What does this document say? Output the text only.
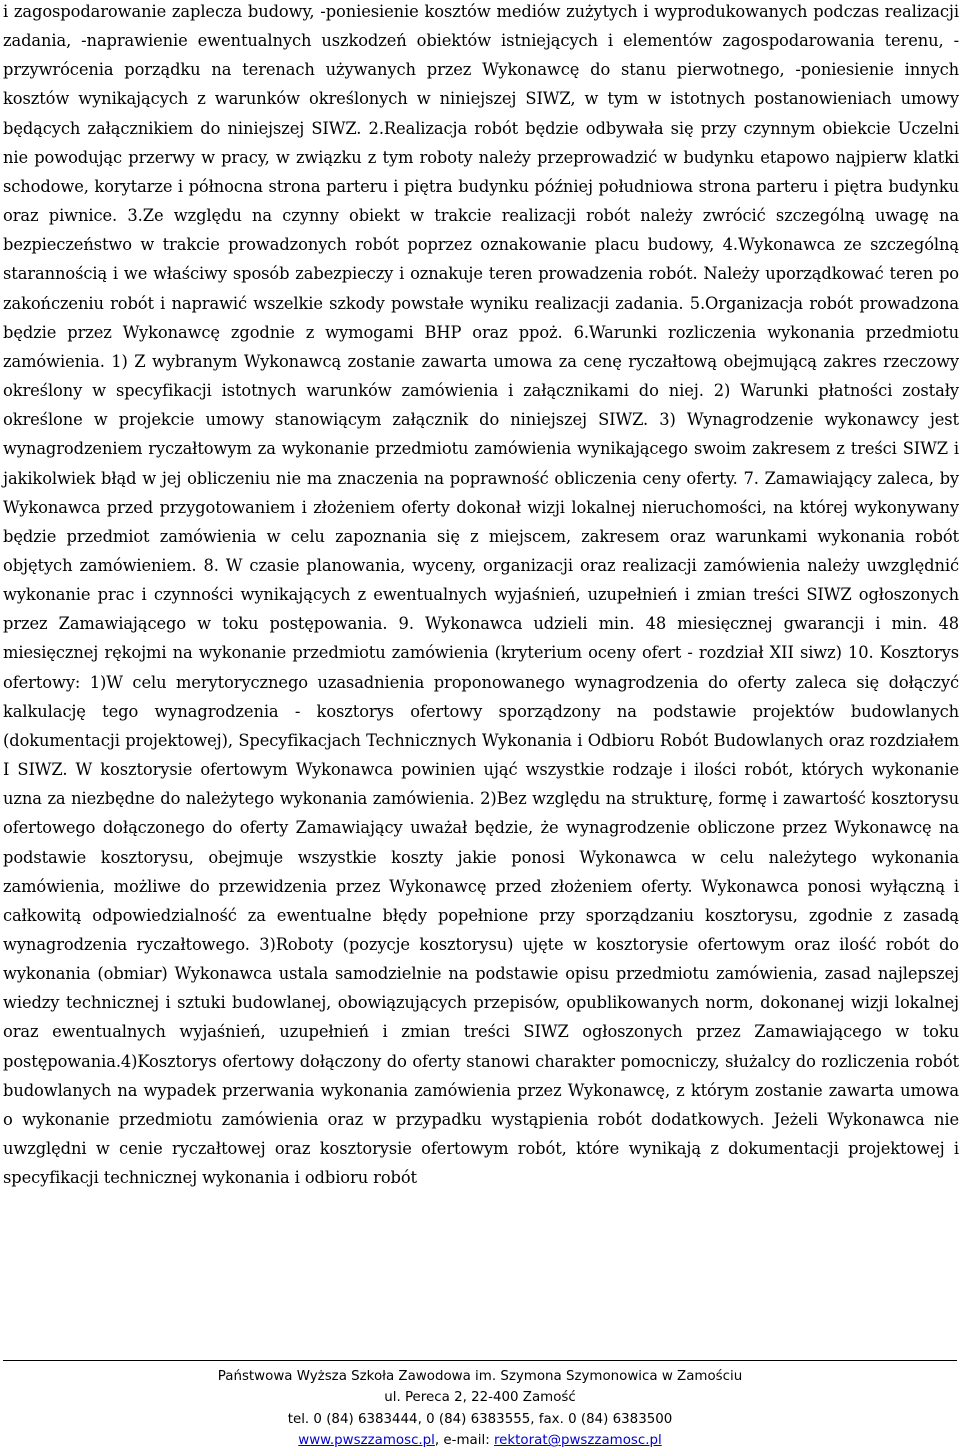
i zagospodarowanie zaplecza budowy, -poniesienie kosztów mediów zużytych i wyprodukowanych podczas realizacji zadania, -naprawienie ewentualnych uszkodzeń obiektów istniejących i elementów zagospodarowania terenu, -przywrócenia porządku na terenach używanych przez Wykonawcę do stanu pierwotnego, -poniesienie innych kosztów wynikających z warunków określonych w niniejszej SIWZ, w tym w istotnych postanowieniach umowy będących załącznikiem do niniejszej SIWZ. 2.Realizacja robót będzie odbywała się przy czynnym obiekcie Uczelni nie powodując przerwy w pracy, w związku z tym roboty należy przeprowadzić w budynku etapowo najpierw klatki schodowe, korytarze i północna strona parteru i piętra budynku później południowa strona parteru i piętra budynku oraz piwnice. 3.Ze względu na czynny obiekt w trakcie realizacji robót należy zwrócić szczególną uwagę na bezpieczeństwo w trakcie prowadzonych robót poprzez oznakowanie placu budowy, 4.Wykonawca ze szczególną starannością i we właściwy sposób zabezpieczy i oznakuje teren prowadzenia robót. Należy uporządkować teren po zakończeniu robót i naprawić wszelkie szkody powstałe wyniku realizacji zadania. 5.Organizacja robót prowadzona będzie przez Wykonawcę zgodnie z wymogami BHP oraz ppoż. 6.Warunki rozliczenia wykonania przedmiotu zamówienia. 1) Z wybranym Wykonawcą zostanie zawarta umowa za cenę ryczałtową obejmującą zakres rzeczowy określony w specyfikacji istotnych warunków zamówienia i załącznikami do niej. 2) Warunki płatności zostały określone w projekcie umowy stanowiącym załącznik do niniejszej SIWZ. 3) Wynagrodzenie wykonawcy jest wynagrodzeniem ryczałtowym za wykonanie przedmiotu zamówienia wynikającego swoim zakresem z treści SIWZ i jakikolwiek błąd w jej obliczeniu nie ma znaczenia na poprawność obliczenia ceny oferty. 7. Zamawiający zaleca, by Wykonawca przed przygotowaniem i złożeniem oferty dokonał wizji lokalnej nieruchomości, na której wykonywany będzie przedmiot zamówienia w celu zapoznania się z miejscem, zakresem oraz warunkami wykonania robót objętych zamówieniem. 8. W czasie planowania, wyceny, organizacji oraz realizacji zamówienia należy uwzględnić wykonanie prac i czynności wynikających z ewentualnych wyjaśnień, uzupełnień i zmian treści SIWZ ogłoszonych przez Zamawiającego w toku postępowania. 9. Wykonawca udzieli min. 48 miesięcznej gwarancji i min. 48 miesięcznej rękojmi na wykonanie przedmiotu zamówienia (kryterium oceny ofert - rozdział XII siwz) 10. Kosztorys ofertowy: 1)W celu merytorycznego uzasadnienia proponowanego wynagrodzenia do oferty zaleca się dołączyć kalkulację tego wynagrodzenia - kosztorys ofertowy sporządzony na podstawie projektów budowlanych (dokumentacji projektowej), Specyfikacjach Technicznych Wykonania i Odbioru Robót Budowlanych oraz rozdziałem I SIWZ. W kosztorysie ofertowym Wykonawca powinien ująć wszystkie rodzaje i ilości robót, których wykonanie uzna za niezbędne do należytego wykonania zamówienia. 2)Bez względu na strukturę, formę i zawartość kosztorysu ofertowego dołączonego do oferty Zamawiający uważał będzie, że wynagrodzenie obliczone przez Wykonawcę na podstawie kosztorysu, obejmuje wszystkie koszty jakie ponosi Wykonawca w celu należytego wykonania zamówienia, możliwe do przewidzenia przez Wykonawcę przed złożeniem oferty. Wykonawca ponosi wyłączną i całkowitą odpowiedzialność za ewentualne błędy popełnione przy sporządzaniu kosztorysu, zgodnie z zasadą wynagrodzenia ryczałtowego. 3)Roboty (pozycje kosztorysu) ujęte w kosztorysie ofertowym oraz ilość robót do wykonania (obmiar) Wykonawca ustala samodzielnie na podstawie opisu przedmiotu zamówienia, zasad najlepszej wiedzy technicznej i sztuki budowlanej, obowiązujących przepisów, opublikowanych norm, dokonanej wizji lokalnej oraz ewentualnych wyjaśnień, uzupełnień i zmian treści SIWZ ogłoszonych przez Zamawiającego w toku postępowania.4)Kosztorys ofertowy dołączony do oferty stanowi charakter pomocniczy, służalcy do rozliczenia robót budowlanych na wypadek przerwania wykonania zamówienia przez Wykonawcę, z którym zostanie zawarta umowa o wykonanie przedmiotu zamówienia oraz w przypadku wystąpienia robót dodatkowych. Jeżeli Wykonawca nie uwzględni w cenie ryczałtowej oraz kosztorysie ofertowym robót, które wynikają z dokumentacji projektowej i specyfikacji technicznej wykonania i odbioru robót

Państwowa Wyższa Szkoła Zawodowa im. Szymona Szymonowica w Zamościu
ul. Pereca 2, 22-400 Zamość
tel. 0 (84) 6383444, 0 (84) 6383555, fax. 0 (84) 6383500
www.pwszzamosc.pl, e-mail: rektorat@pwszzamosc.pl
